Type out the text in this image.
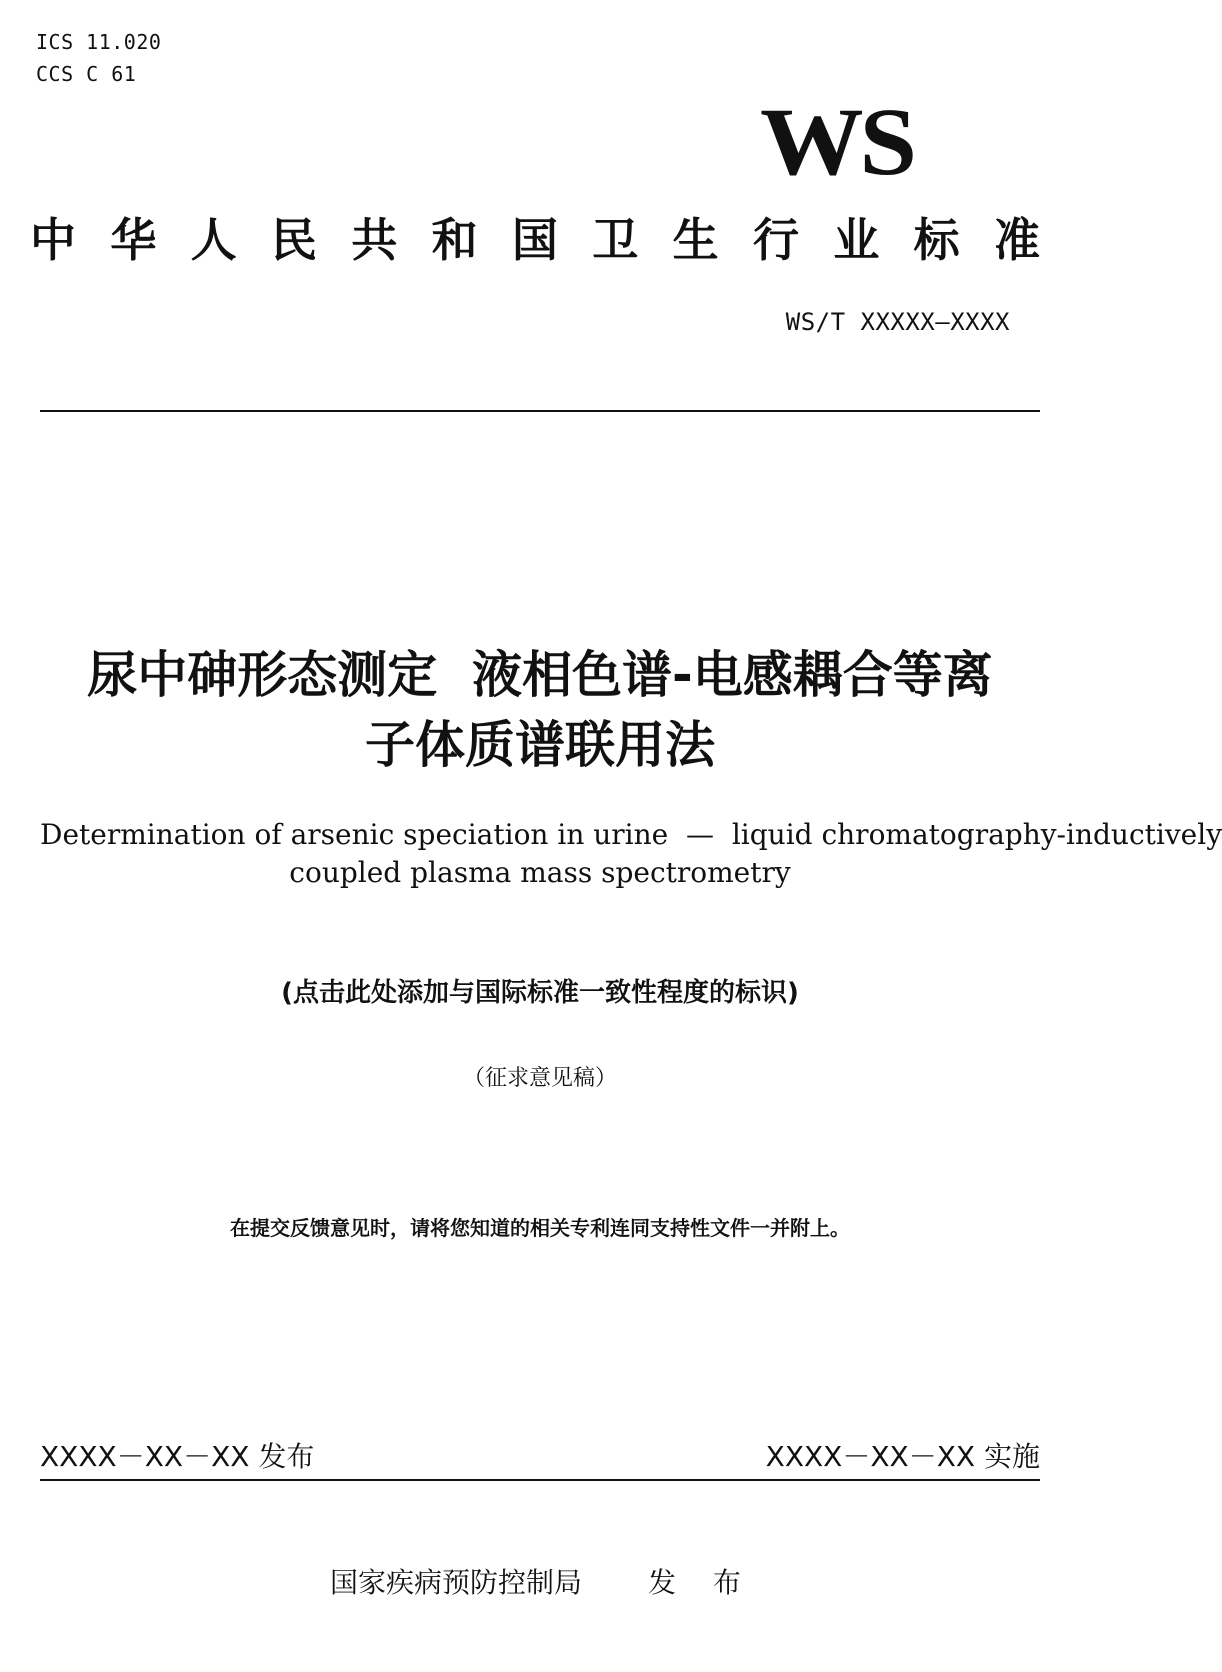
ICS 11.020
CCS C 61
WS
中 华 人 民 共 和 国 卫 生 行 业 标 准
WS/T XXXXX—XXXX
尿中砷形态测定  液相色谱-电感耦合等离
子体质谱联用法
Determination of arsenic speciation in urine  —  liquid chromatography-inductively
coupled plasma mass spectrometry
(点击此处添加与国际标准一致性程度的标识)
（征求意见稿）
在提交反馈意见时，请将您知道的相关专利连同支持性文件一并附上。
XXXX－XX－XX 发布	XXXX－XX－XX 实施
国家疾病预防控制局 发 布
